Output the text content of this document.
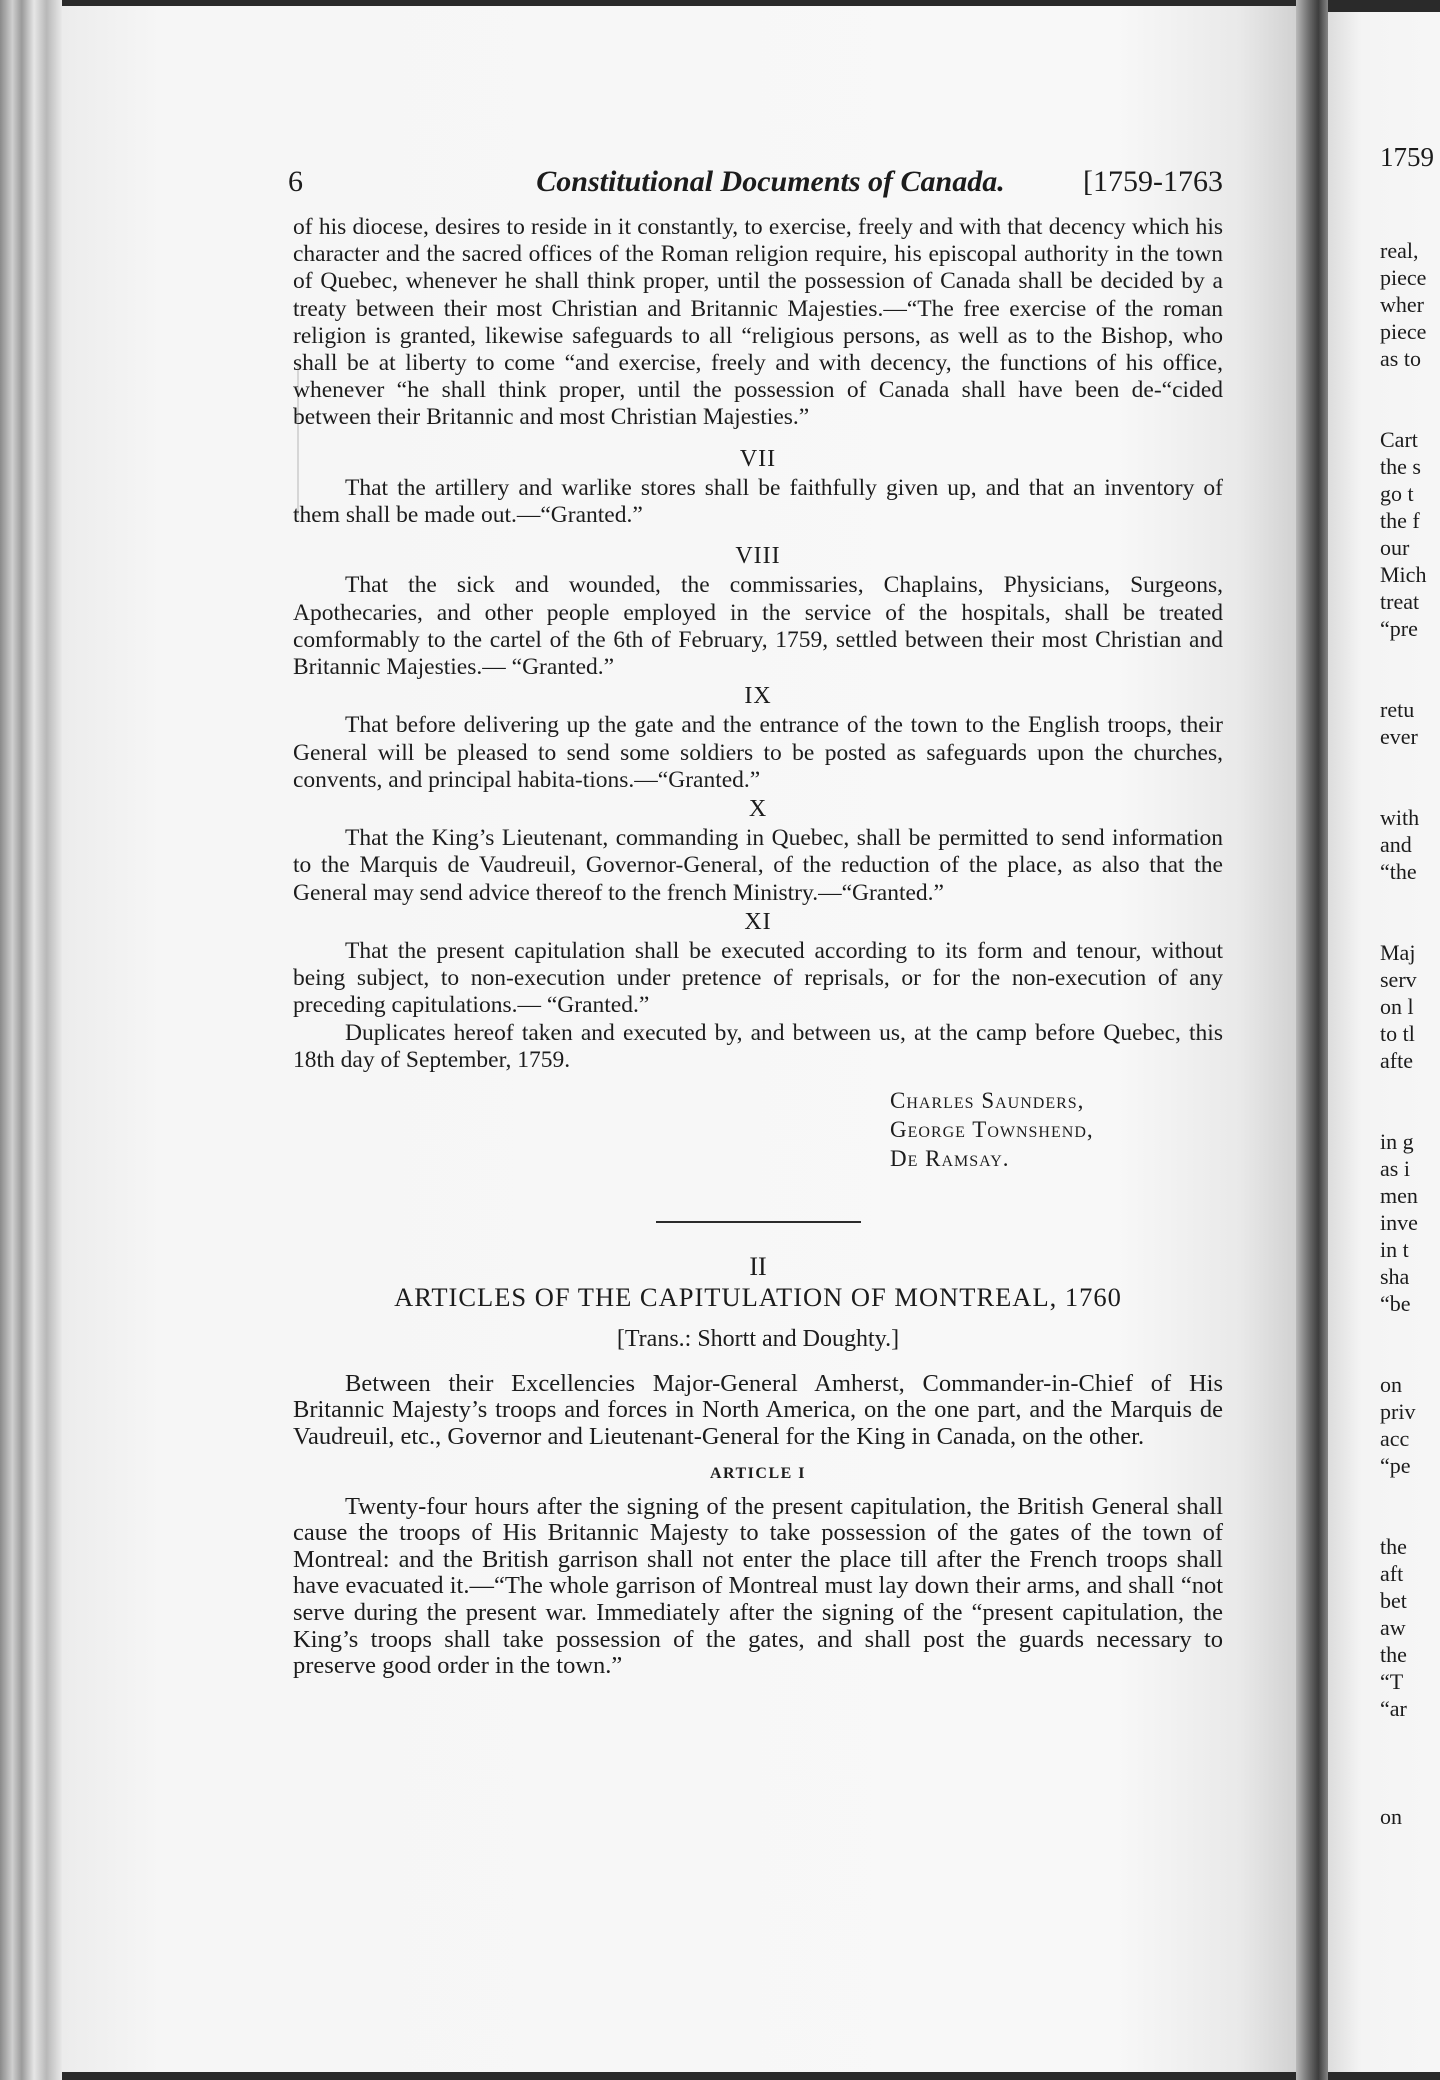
6	Constitutional Documents of Canada.	[1759-1763

of his diocese, desires to reside in it constantly, to exercise, freely and with that decency which his character and the sacred offices of the Roman religion require, his episcopal authority in the town of Quebec, whenever he shall think proper, until the possession of Canada shall be decided by a treaty between their most Christian and Britannic Majesties.—“The free exercise of the roman religion is granted, likewise safeguards to all “religious persons, as well as to the Bishop, who shall be at liberty to come “and exercise, freely and with decency, the functions of his office, whenever “he shall think proper, until the possession of Canada shall have been de-“cided between their Britannic and most Christian Majesties.”

VII

That the artillery and warlike stores shall be faithfully given up, and that an inventory of them shall be made out.—“Granted.”

VIII

That the sick and wounded, the commissaries, Chaplains, Physicians, Surgeons, Apothecaries, and other people employed in the service of the hospitals, shall be treated comformably to the cartel of the 6th of February, 1759, settled between their most Christian and Britannic Majesties.— “Granted.”

IX

That before delivering up the gate and the entrance of the town to the English troops, their General will be pleased to send some soldiers to be posted as safeguards upon the churches, convents, and principal habita-tions.—“Granted.”

X

That the King’s Lieutenant, commanding in Quebec, shall be permitted to send information to the Marquis de Vaudreuil, Governor-General, of the reduction of the place, as also that the General may send advice thereof to the french Ministry.—“Granted.”

XI

That the present capitulation shall be executed according to its form and tenour, without being subject, to non-execution under pretence of reprisals, or for the non-execution of any preceding capitulations.— “Granted.”

Duplicates hereof taken and executed by, and between us, at the camp before Quebec, this 18th day of September, 1759.

Charles Saunders,
George Townshend,
De Ramsay.
II
ARTICLES OF THE CAPITULATION OF MONTREAL, 1760
[Trans.: Shortt and Doughty.]

Between their Excellencies Major-General Amherst, Commander-in-Chief of His Britannic Majesty’s troops and forces in North America, on the one part, and the Marquis de Vaudreuil, etc., Governor and Lieutenant-General for the King in Canada, on the other.

ARTICLE I

Twenty-four hours after the signing of the present capitulation, the British General shall cause the troops of His Britannic Majesty to take possession of the gates of the town of Montreal: and the British garrison shall not enter the place till after the French troops shall have evacuated it.—“The whole garrison of Montreal must lay down their arms, and shall “not serve during the present war. Immediately after the signing of the “present capitulation, the King’s troops shall take possession of the gates, and shall post the guards necessary to preserve good order in the town.”

1759
real,
piece
wher
piece
as to
Cart
the s
go t
the f
our
Mich
treat
“pre
retu
ever
with
and
“the
Maj
serv
on l
to tl
afte
in g
as i
men
inve
in t
sha
“be
on
priv
acc
“pe
the
aft
bet
aw
the
“T
“ar
on
